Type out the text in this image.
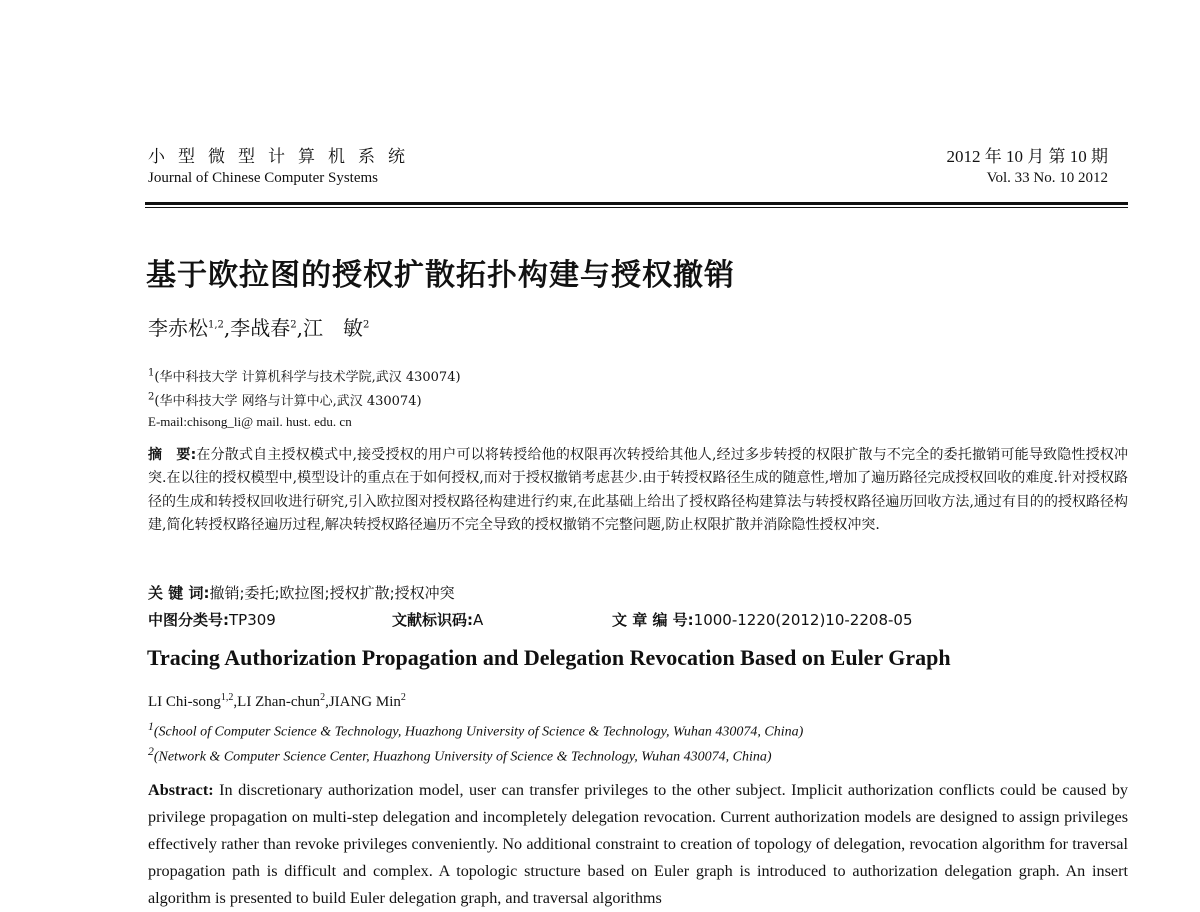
小型微型计算机系统
Journal of Chinese Computer Systems
2012 年 10 月 第 10 期
Vol. 33 No. 10 2012
基于欧拉图的授权扩散拓扑构建与授权撤销
李赤松$^{1,2}$,李战春$^2$,江　敏$^2$
$^1$(华中科技大学 计算机科学与技术学院,武汉 430074)
$^2$(华中科技大学 网络与计算中心,武汉 430074)
E-mail:chisong_li@ mail. hust. edu. cn
摘　要:在分散式自主授权模式中,接受授权的用户可以将转授给他的权限再次转授给其他人,经过多步转授的权限扩散与不完全的委托撤销可能导致隐性授权冲突.在以往的授权模型中,模型设计的重点在于如何授权,而对于授权撤销考虑甚少.由于转授权路径生成的随意性,增加了遍历路径完成授权回收的难度.针对授权路径的生成和转授权回收进行研究,引入欧拉图对授权路径构建进行约束,在此基础上给出了授权路径构建算法与转授权路径遍历回收方法,通过有目的的授权路径构建,简化转授权路径遍历过程,解决转授权路径遍历不完全导致的授权撤销不完整问题,防止权限扩散并消除隐性授权冲突.
关 键 词:撤销;委托;欧拉图;授权扩散;授权冲突
中图分类号:TP309	文献标识码:A	文 章 编 号:1000-1220(2012)10-2208-05
Tracing Authorization Propagation and Delegation Revocation Based on Euler Graph
LI Chi-song$^{1,2}$,LI Zhan-chun$^2$,JIANG Min$^2$
$^1$(School of Computer Science & Technology, Huazhong University of Science & Technology, Wuhan 430074, China)
$^2$(Network & Computer Science Center, Huazhong University of Science & Technology, Wuhan 430074, China)
Abstract: In discretionary authorization model, user can transfer privileges to the other subject. Implicit authorization conflicts could be caused by privilege propagation on multi-step delegation and incompletely delegation revocation. Current authorization models are designed to assign privileges effectively rather than revoke privileges conveniently. No additional constraint to creation of topology of delegation, revocation algorithm for traversal propagation path is difficult and complex. A topologic structure based on Euler graph is introduced to authorization delegation graph. An insert algorithm is presented to build Euler delegation graph, and traversal algorithms
